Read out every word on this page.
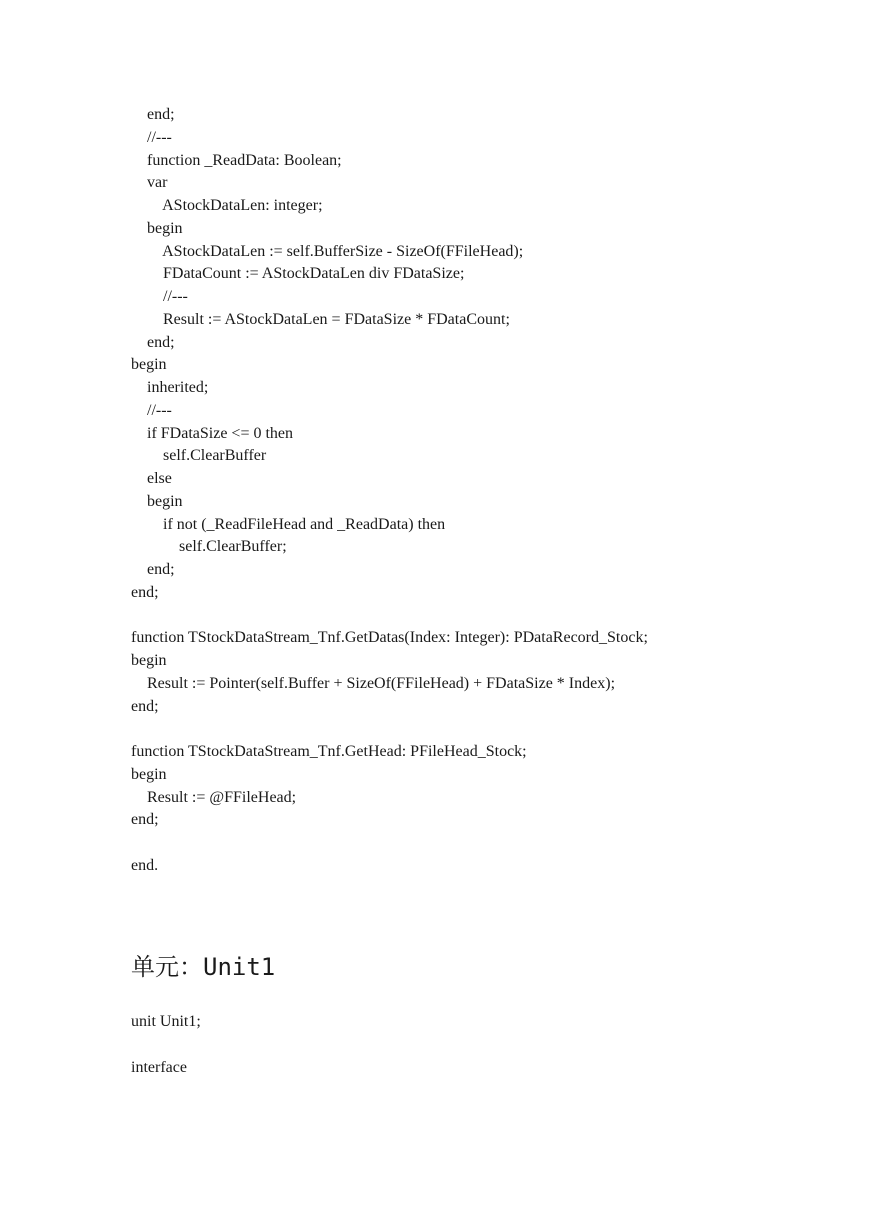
end;
//---
function _ReadData: Boolean;
var
AStockDataLen: integer;
begin
AStockDataLen := self.BufferSize - SizeOf(FFileHead);
FDataCount := AStockDataLen div FDataSize;
//---
Result := AStockDataLen = FDataSize * FDataCount;
end;
begin
inherited;
//---
if FDataSize <= 0 then
self.ClearBuffer
else
begin
if not (_ReadFileHead and _ReadData) then
self.ClearBuffer;
end;
end;
function TStockDataStream_Tnf.GetDatas(Index: Integer): PDataRecord_Stock;
begin
Result := Pointer(self.Buffer + SizeOf(FFileHead) + FDataSize * Index);
end;
function TStockDataStream_Tnf.GetHead: PFileHead_Stock;
begin
Result := @FFileHead;
end;
end.
单元：Unit1
unit Unit1;
interface
